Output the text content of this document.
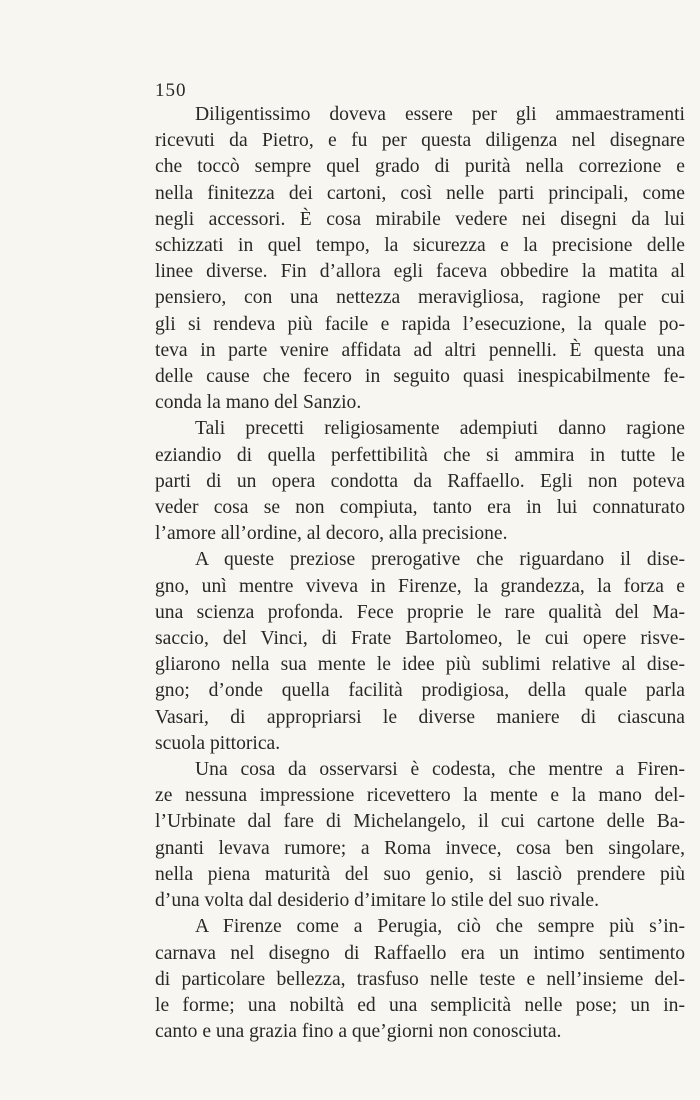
150

Diligentissimo doveva essere per gli ammaestramenti
ricevuti da Pietro, e fu per questa diligenza nel disegnare
che toccò sempre quel grado di purità nella correzione e
nella finitezza dei cartoni, così nelle parti principali, come
negli accessori. È cosa mirabile vedere nei disegni da lui
schizzati in quel tempo, la sicurezza e la precisione delle
linee diverse. Fin d’allora egli faceva obbedire la matita al
pensiero, con una nettezza meravigliosa, ragione per cui
gli si rendeva più facile e rapida l’esecuzione, la quale po-
teva in parte venire affidata ad altri pennelli. È questa una
delle cause che fecero in seguito quasi inespicabilmente fe-
conda la mano del Sanzio.

Tali precetti religiosamente adempiuti danno ragione
eziandio di quella perfettibilità che si ammira in tutte le
parti di un opera condotta da Raffaello. Egli non poteva
veder cosa se non compiuta, tanto era in lui connaturato
l’amore all’ordine, al decoro, alla precisione.

A queste preziose prerogative che riguardano il dise-
gno, unì mentre viveva in Firenze, la grandezza, la forza e
una scienza profonda. Fece proprie le rare qualità del Ma-
saccio, del Vinci, di Frate Bartolomeo, le cui opere risve-
gliarono nella sua mente le idee più sublimi relative al dise-
gno; d’onde quella facilità prodigiosa, della quale parla
Vasari, di appropriarsi le diverse maniere di ciascuna
scuola pittorica.

Una cosa da osservarsi è codesta, che mentre a Firen-
ze nessuna impressione ricevettero la mente e la mano del-
l’Urbinate dal fare di Michelangelo, il cui cartone delle Ba-
gnanti levava rumore; a Roma invece, cosa ben singolare,
nella piena maturità del suo genio, si lasciò prendere più
d’una volta dal desiderio d’imitare lo stile del suo rivale.

A Firenze come a Perugia, ciò che sempre più s’in-
carnava nel disegno di Raffaello era un intimo sentimento
di particolare bellezza, trasfuso nelle teste e nell’insieme del-
le forme; una nobiltà ed una semplicità nelle pose; un in-
canto e una grazia fino a que’giorni non conosciuta.
